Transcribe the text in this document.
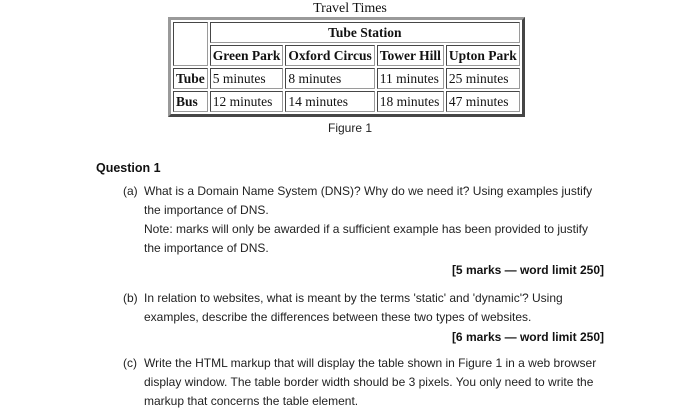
Travel Times
	Tube Station			
	Green Park	Oxford Circus	Tower Hill	Upton Park
Tube	5 minutes	8 minutes	11 minutes	25 minutes
Bus	12 minutes	14 minutes	18 minutes	47 minutes
Figure 1
Question 1
(a) What is a Domain Name System (DNS)? Why do we need it? Using examples justify the importance of DNS.
Note: marks will only be awarded if a sufficient example has been provided to justify the importance of DNS.
[5 marks — word limit 250]
(b) In relation to websites, what is meant by the terms 'static' and 'dynamic'? Using examples, describe the differences between these two types of websites.
[6 marks — word limit 250]
(c) Write the HTML markup that will display the table shown in Figure 1 in a web browser display window. The table border width should be 3 pixels. You only need to write the markup that concerns the table element.
